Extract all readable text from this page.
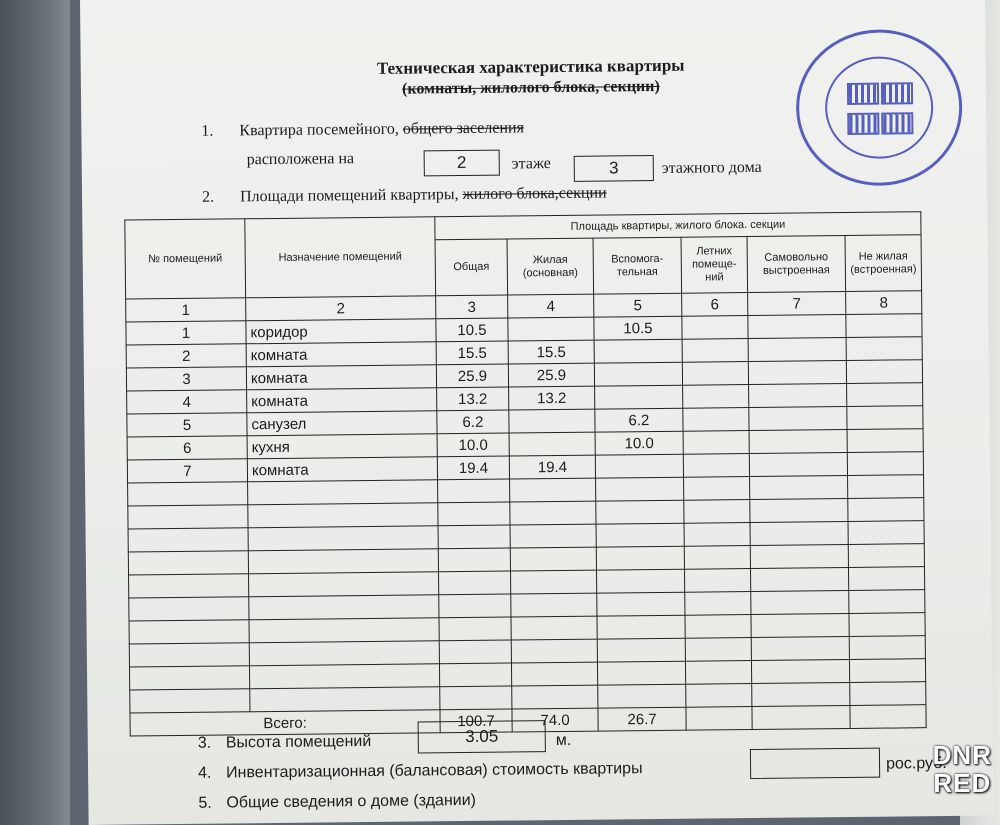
Техническая характеристика квартиры
(комнаты, жилолого блока, секции)
1. Квартира посемейного, общего заселения
расположена на	2	этаже	3	этажного дома
2. Площади помещений квартиры, жилого блока,секции
№ помещений	Назначение помещений	Площадь квартиры, жилого блока. секции					
		Общая	Жилая (основная)	Вспомога-тельная	Летних помеще-ний	Самовольно выстроенная	Не жилая (встроенная)
1	2	3	4	5	6	7	8
1	коридор	10.5		10.5			
2	комната	15.5	15.5				
3	комната	25.9	25.9				
4	комната	13.2	13.2				
5	санузел	6.2		6.2			
6	кухня	10.0		10.0			
7	комната	19.4	19.4				

Всего:		100.7	74.0	26.7			
3. Высота помещений	3.05	м.
4. Инвентаризационная (балансовая) стоимость квартиры	рос.руб.
5. Общие сведения о доме (здании)
DNR
RED
